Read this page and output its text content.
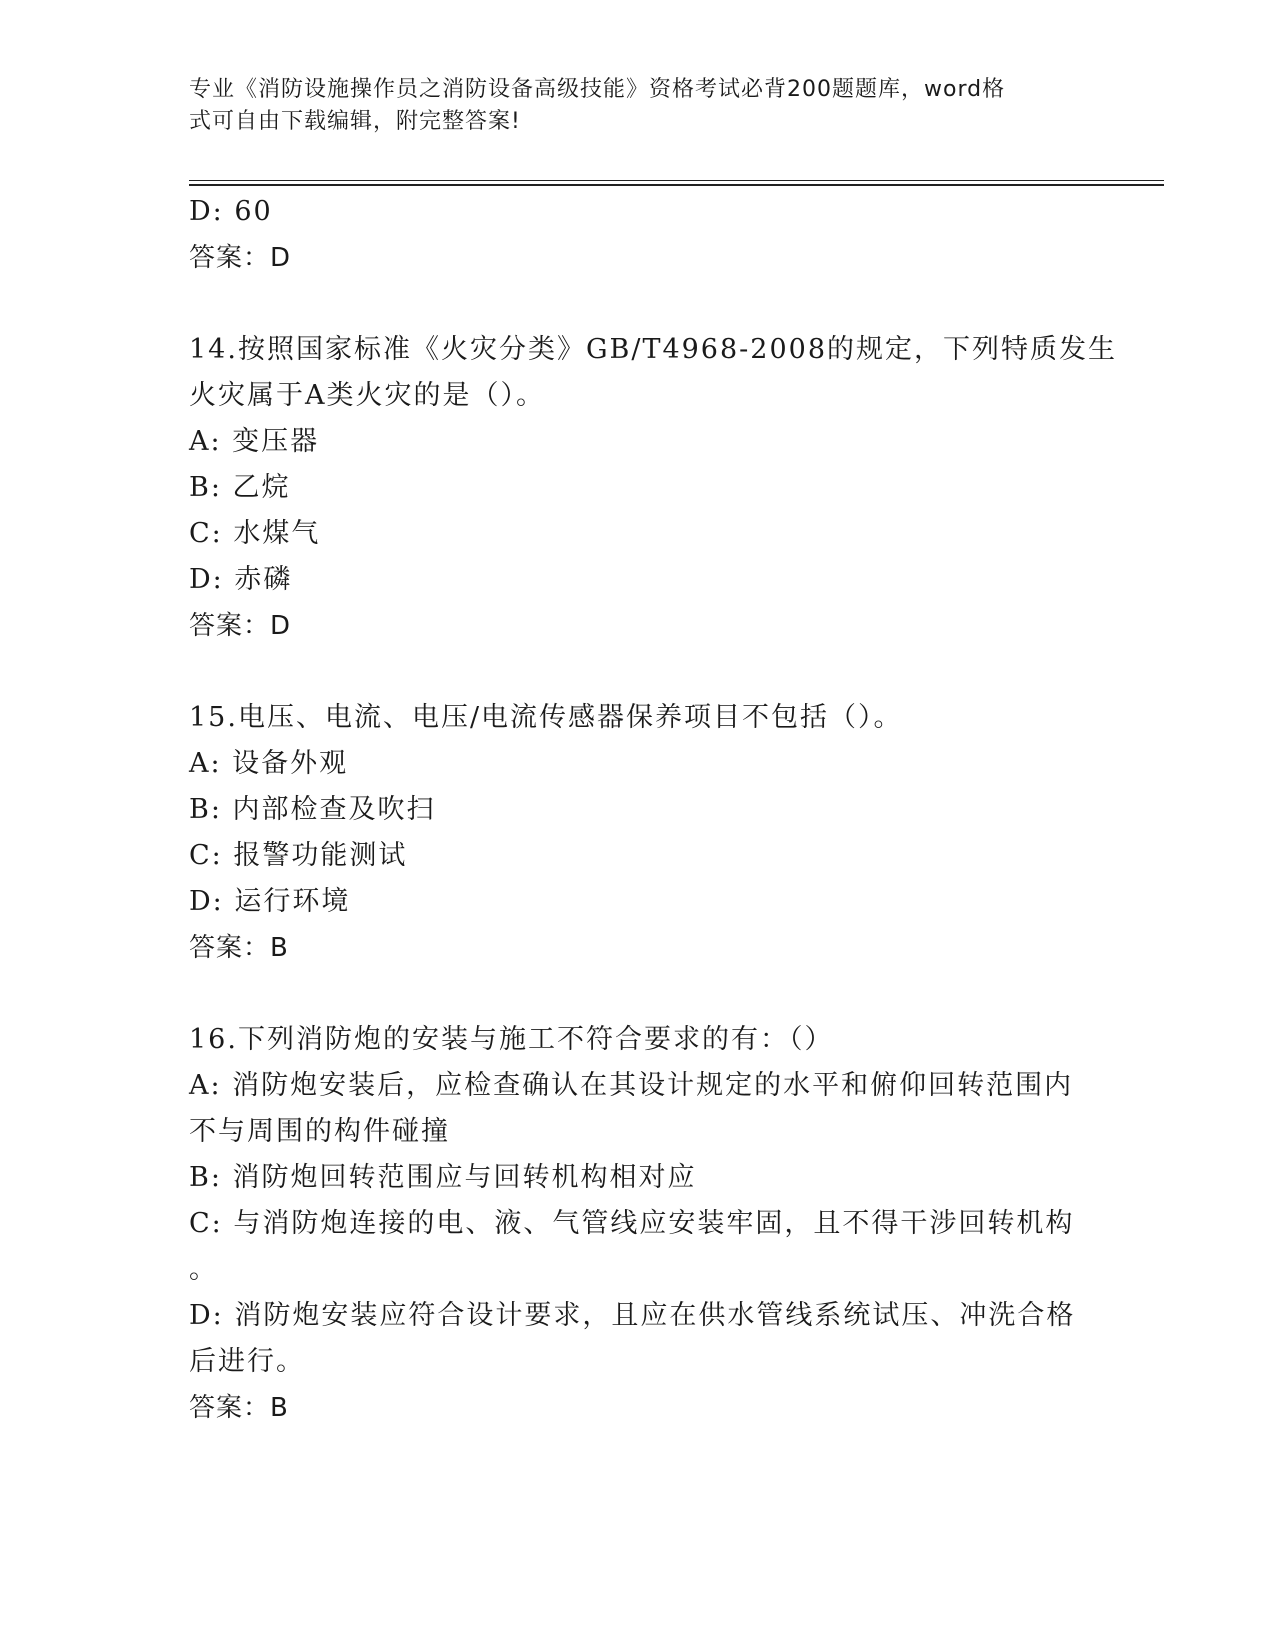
专业《消防设施操作员之消防设备高级技能》资格考试必背200题题库，word格
式可自由下载编辑，附完整答案!
D: 60
答案：D
14.按照国家标准《火灾分类》GB/T4968-2008的规定，下列特质发生
火灾属于A类火灾的是（）。
A: 变压器
B: 乙烷
C: 水煤气
D: 赤磷
答案：D
15.电压、电流、电压/电流传感器保养项目不包括（）。
A: 设备外观
B: 内部检查及吹扫
C: 报警功能测试
D: 运行环境
答案：B
16.下列消防炮的安装与施工不符合要求的有：（）
A: 消防炮安装后，应检查确认在其设计规定的水平和俯仰回转范围内
不与周围的构件碰撞
B: 消防炮回转范围应与回转机构相对应
C: 与消防炮连接的电、液、气管线应安装牢固，且不得干涉回转机构
。
D: 消防炮安装应符合设计要求，且应在供水管线系统试压、冲洗合格
后进行。
答案：B
